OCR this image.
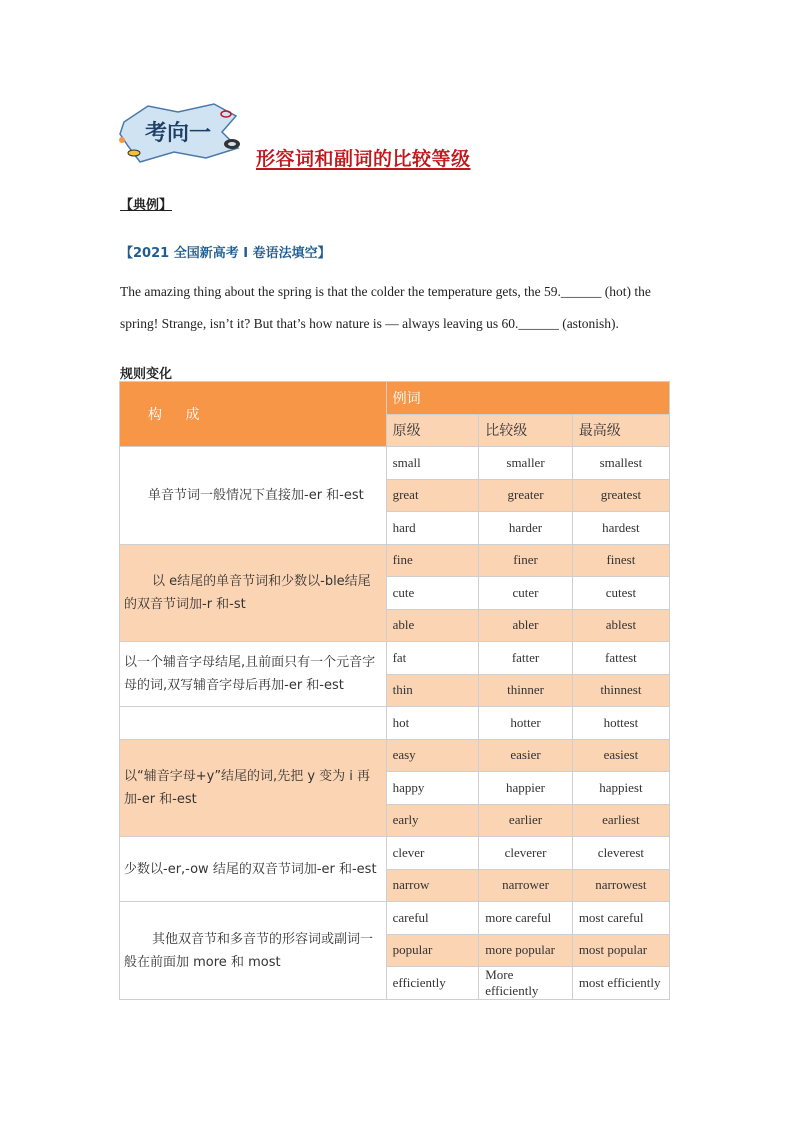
考向一
形容词和副词的比较等级
【典例】
【2021 全国新高考 I 卷语法填空】
The amazing thing about the spring is that the colder the temperature gets, the 59.______ (hot) the
spring! Strange, isn’t it? But that’s how nature is — always leaving us 60.______ (astonish).
规则变化
构 成	例词		
	原级	比较级	最高级
单音节词一般情况下直接加-er 和-est	small	smaller	smallest
	great	greater	greatest
	hard	harder	hardest
以 e结尾的单音节词和少数以-ble结尾的双音节词加-r 和-st	fine	finer	finest
	cute	cuter	cutest
	able	abler	ablest
以一个辅音字母结尾,且前面只有一个元音字母的词,双写辅音字母后再加-er 和-est	fat	fatter	fattest
	thin	thinner	thinnest
	hot	hotter	hottest
以“辅音字母+y”结尾的词,先把 y 变为 i 再加-er 和-est	easy	easier	easiest
	happy	happier	happiest
	early	earlier	earliest
少数以-er,-ow 结尾的双音节词加-er 和-est	clever	cleverer	cleverest
	narrow	narrower	narrowest
其他双音节和多音节的形容词或副词一般在前面加 more 和 most	careful	more careful	most careful
	popular	more popular	most popular
	efficiently	More efficiently	most efficiently
